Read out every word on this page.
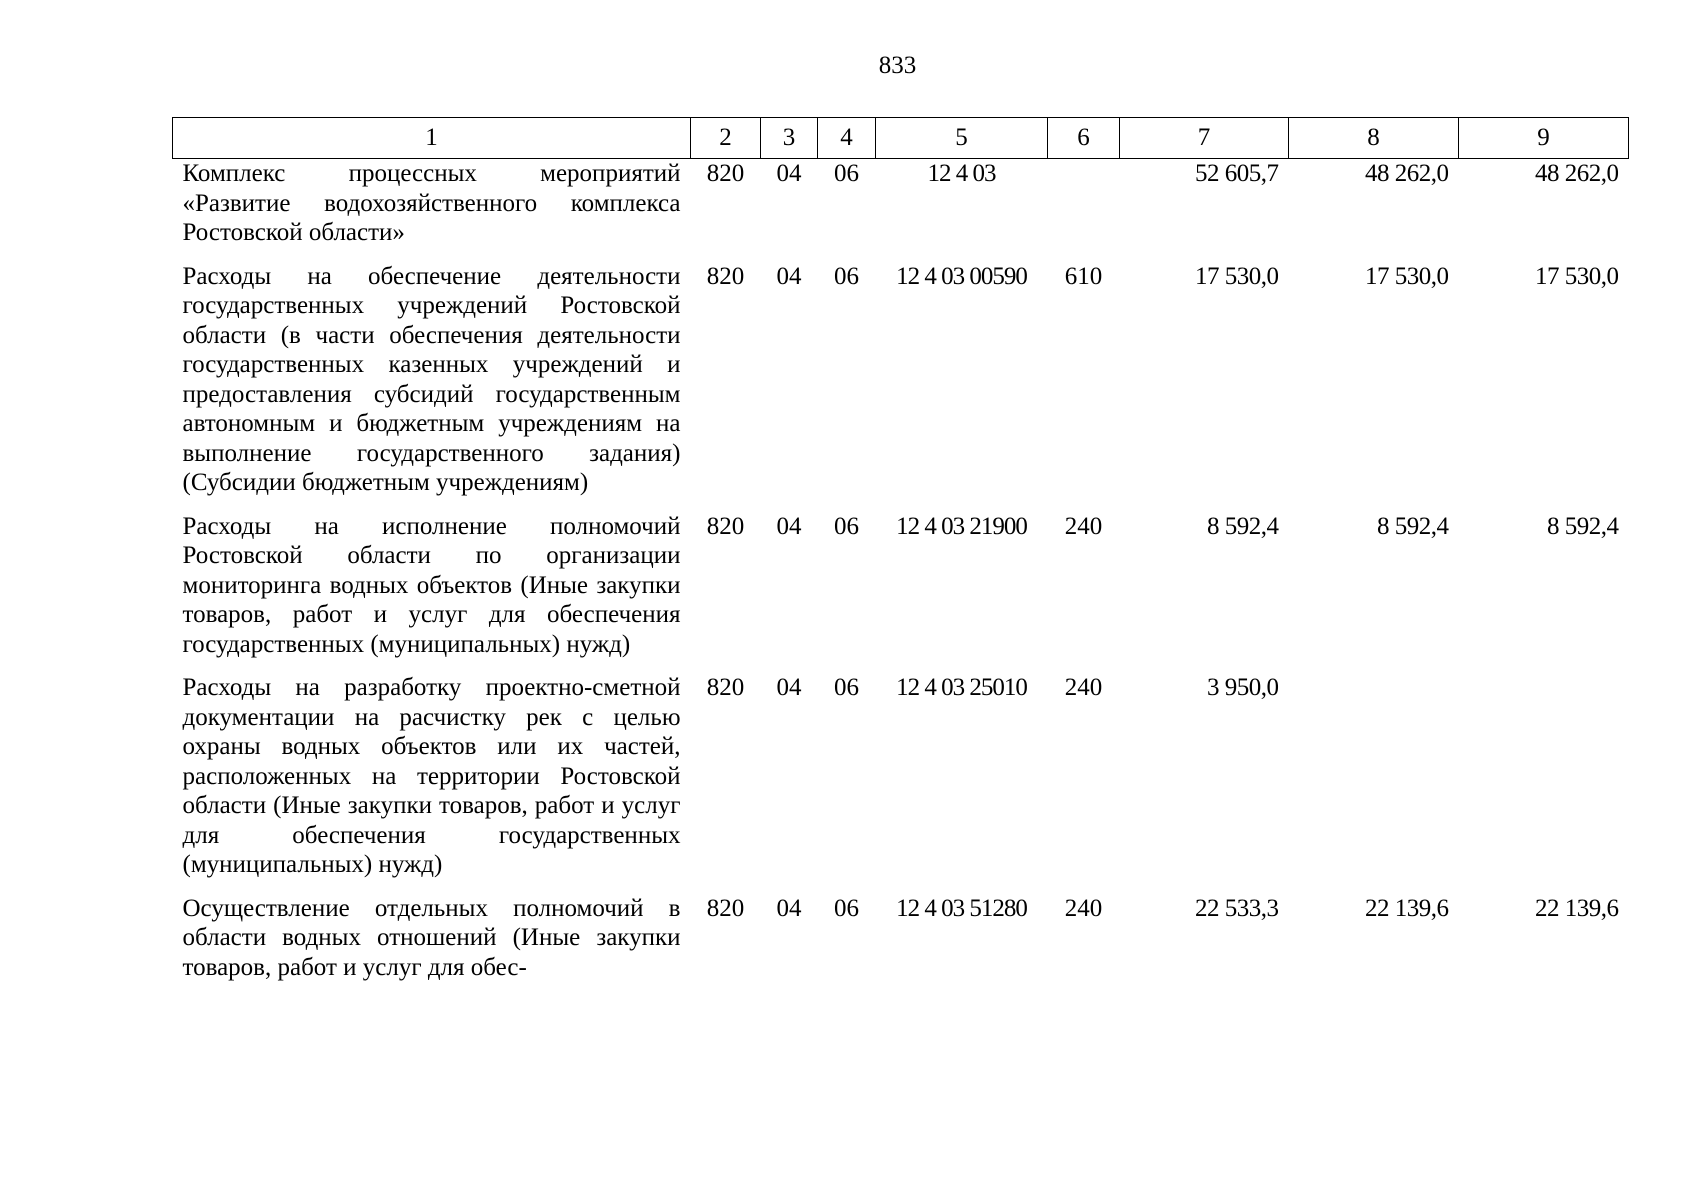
833
1	2	3	4	5	6	7	8	9
Комплекс процессных мероприятий «Развитие водохозяйственного комплекса Ростовской области»	820	04	06	12 4 03		52 605,7	48 262,0	48 262,0
Расходы на обеспечение деятельности государственных учреждений Ростовской области (в части обеспечения деятельности государственных казенных учреждений и предоставления субсидий государственным автономным и бюджетным учреждениям на выполнение государственного задания) (Субсидии бюджетным учреждениям)	820	04	06	12 4 03 00590	610	17 530,0	17 530,0	17 530,0
Расходы на исполнение полномочий Ростовской области по организации мониторинга водных объектов (Иные закупки товаров, работ и услуг для обеспечения государственных (муниципальных) нужд)	820	04	06	12 4 03 21900	240	8 592,4	8 592,4	8 592,4
Расходы на разработку проектно-сметной документации на расчистку рек с целью охраны водных объектов или их частей, расположенных на территории Ростовской области (Иные закупки товаров, работ и услуг для обеспечения государственных (муниципальных) нужд)	820	04	06	12 4 03 25010	240	3 950,0		
Осуществление отдельных полномочий в области водных отношений (Иные закупки товаров, работ и услуг для обес-	820	04	06	12 4 03 51280	240	22 533,3	22 139,6	22 139,6
